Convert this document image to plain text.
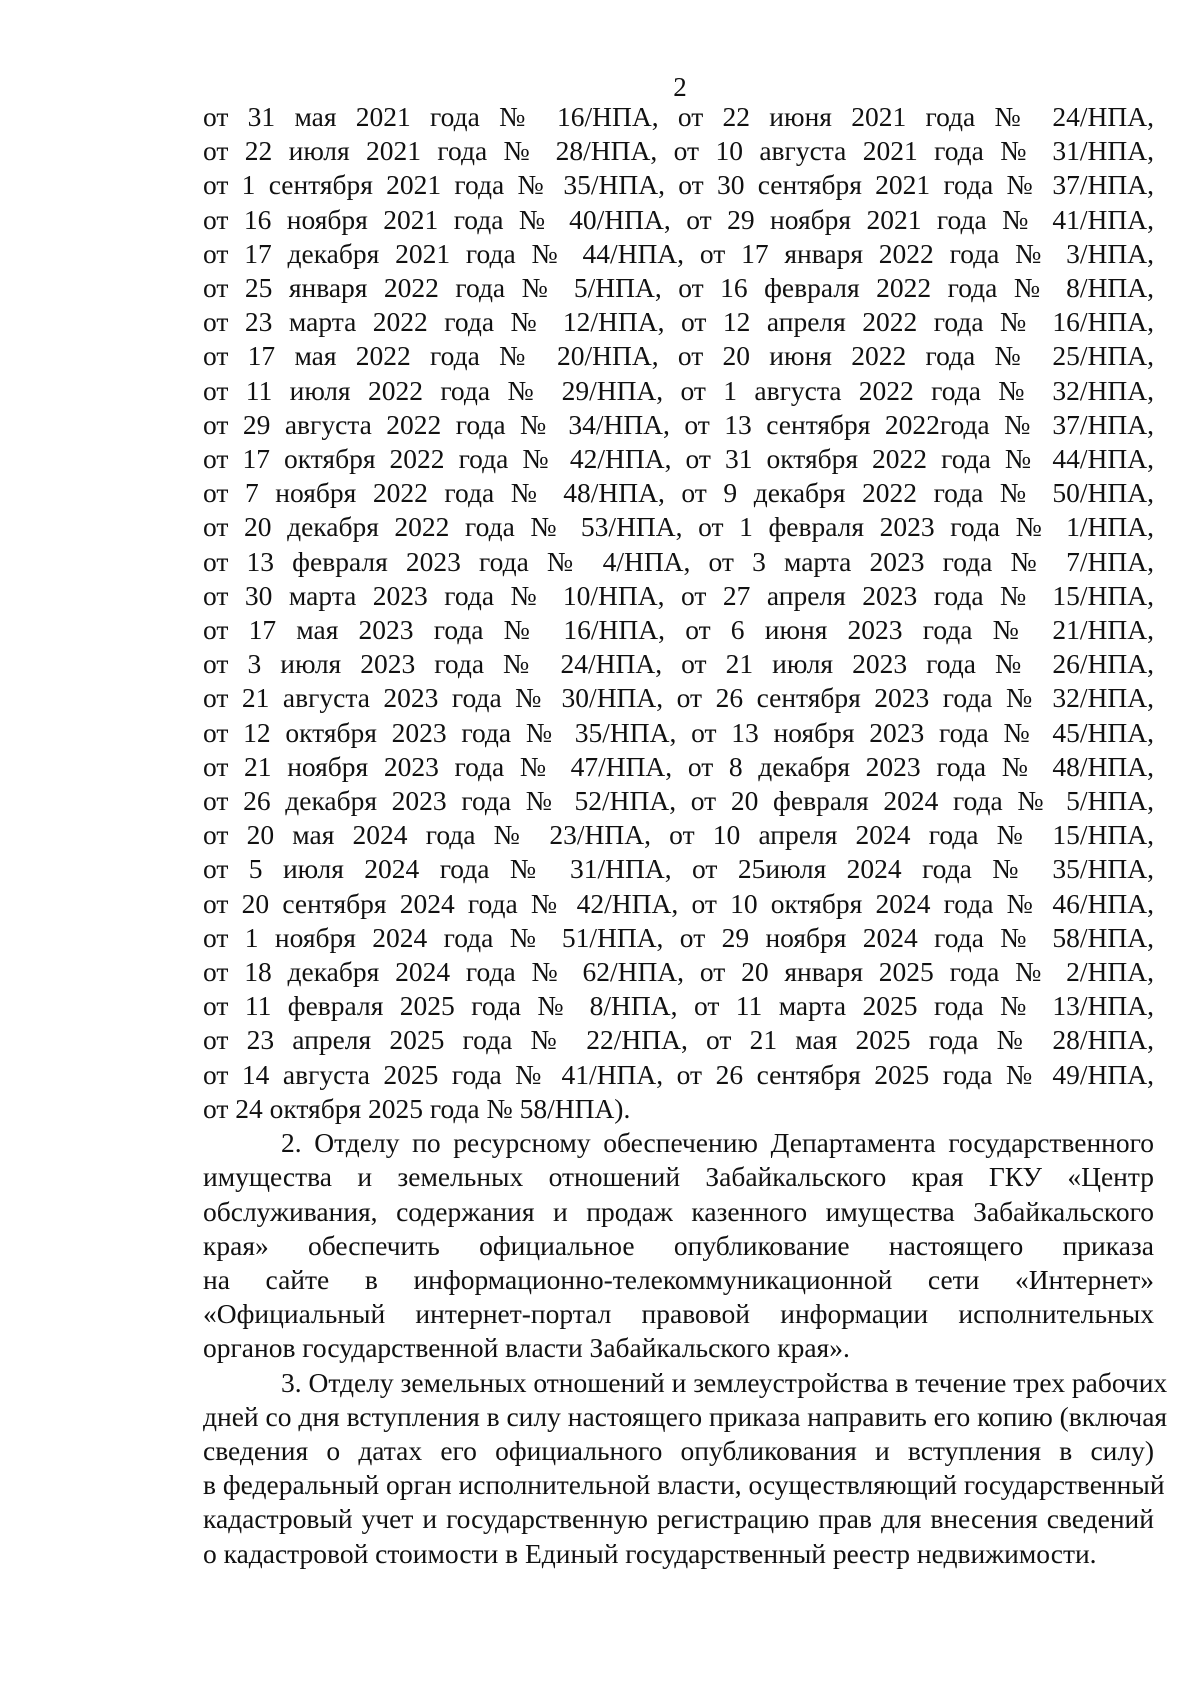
2
от 31 мая 2021 года № 16/НПА, от 22 июня 2021 года № 24/НПА,
от 22 июля 2021 года № 28/НПА, от 10 августа 2021 года № 31/НПА,
от 1 сентября 2021 года № 35/НПА, от 30 сентября 2021 года № 37/НПА,
от 16 ноября 2021 года № 40/НПА, от 29 ноября 2021 года № 41/НПА,
от 17 декабря 2021 года № 44/НПА, от 17 января 2022 года № 3/НПА,
от 25 января 2022 года № 5/НПА, от 16 февраля 2022 года № 8/НПА,
от 23 марта 2022 года № 12/НПА, от 12 апреля 2022 года № 16/НПА,
от 17 мая 2022 года № 20/НПА, от 20 июня 2022 года № 25/НПА,
от 11 июля 2022 года № 29/НПА, от 1 августа 2022 года № 32/НПА,
от 29 августа 2022 года № 34/НПА, от 13 сентября 2022года № 37/НПА,
от 17 октября 2022 года № 42/НПА, от 31 октября 2022 года № 44/НПА,
от 7 ноября 2022 года № 48/НПА, от 9 декабря 2022 года № 50/НПА,
от 20 декабря 2022 года № 53/НПА, от 1 февраля 2023 года № 1/НПА,
от 13 февраля 2023 года № 4/НПА, от 3 марта 2023 года № 7/НПА,
от 30 марта 2023 года № 10/НПА, от 27 апреля 2023 года № 15/НПА,
от 17 мая 2023 года № 16/НПА, от 6 июня 2023 года № 21/НПА,
от 3 июля 2023 года № 24/НПА, от 21 июля 2023 года № 26/НПА,
от 21 августа 2023 года № 30/НПА, от 26 сентября 2023 года № 32/НПА,
от 12 октября 2023 года № 35/НПА, от 13 ноября 2023 года № 45/НПА,
от 21 ноября 2023 года № 47/НПА, от 8 декабря 2023 года № 48/НПА,
от 26 декабря 2023 года № 52/НПА, от 20 февраля 2024 года № 5/НПА,
от 20 мая 2024 года № 23/НПА, от 10 апреля 2024 года № 15/НПА,
от 5 июля 2024 года № 31/НПА, от 25июля 2024 года № 35/НПА,
от 20 сентября 2024 года № 42/НПА, от 10 октября 2024 года № 46/НПА,
от 1 ноября 2024 года № 51/НПА, от 29 ноября 2024 года № 58/НПА,
от 18 декабря 2024 года № 62/НПА, от 20 января 2025 года № 2/НПА,
от 11 февраля 2025 года № 8/НПА, от 11 марта 2025 года № 13/НПА,
от 23 апреля 2025 года № 22/НПА, от 21 мая 2025 года № 28/НПА,
от 14 августа 2025 года № 41/НПА, от 26 сентября 2025 года № 49/НПА,
от 24 октября 2025 года № 58/НПА).
2. Отделу по ресурсному обеспечению Департамента государственного
имущества и земельных отношений Забайкальского края ГКУ «Центр
обслуживания, содержания и продаж казенного имущества Забайкальского
края» обеспечить официальное опубликование настоящего приказа
на сайте в информационно-телекоммуникационной сети «Интернет»
«Официальный интернет-портал правовой информации исполнительных
органов государственной власти Забайкальского края».
3. Отделу земельных отношений и землеустройства в течение трех рабочих
дней со дня вступления в силу настоящего приказа направить его копию (включая
сведения о датах его официального опубликования и вступления в силу)
в федеральный орган исполнительной власти, осуществляющий государственный
кадастровый учет и государственную регистрацию прав для внесения сведений
о кадастровой стоимости в Единый государственный реестр недвижимости.
